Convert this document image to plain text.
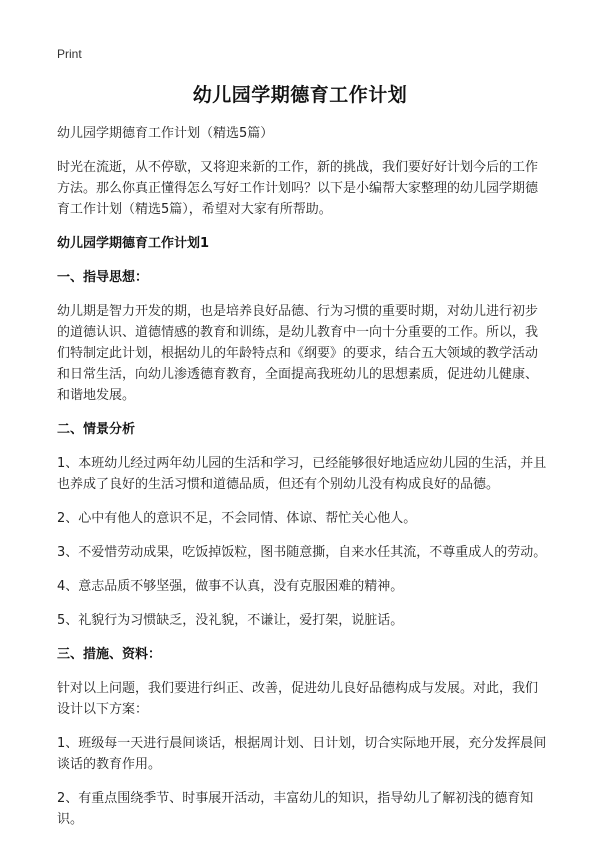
Print
幼儿园学期德育工作计划

幼儿园学期德育工作计划（精选5篇）

时光在流逝，从不停歇，又将迎来新的工作，新的挑战，我们要好好计划今后的工作方法。那么你真正懂得怎么写好工作计划吗？以下是小编帮大家整理的幼儿园学期德育工作计划（精选5篇），希望对大家有所帮助。

幼儿园学期德育工作计划1

一、指导思想：

幼儿期是智力开发的期，也是培养良好品德、行为习惯的重要时期，对幼儿进行初步的道德认识、道德情感的教育和训练，是幼儿教育中一向十分重要的工作。所以，我们特制定此计划，根据幼儿的年龄特点和《纲要》的要求，结合五大领域的教学活动和日常生活，向幼儿渗透德育教育，全面提高我班幼儿的思想素质，促进幼儿健康、和谐地发展。

二、情景分析

1、本班幼儿经过两年幼儿园的生活和学习，已经能够很好地适应幼儿园的生活，并且也养成了良好的生活习惯和道德品质，但还有个别幼儿没有构成良好的品德。

2、心中有他人的意识不足，不会同情、体谅、帮忙关心他人。

3、不爱惜劳动成果，吃饭掉饭粒，图书随意撕，自来水任其流，不尊重成人的劳动。

4、意志品质不够坚强，做事不认真，没有克服困难的精神。

5、礼貌行为习惯缺乏，没礼貌，不谦让，爱打架，说脏话。

三、措施、资料：

针对以上问题，我们要进行纠正、改善，促进幼儿良好品德构成与发展。对此，我们设计以下方案：

1、班级每一天进行晨间谈话，根据周计划、日计划，切合实际地开展，充分发挥晨间谈话的教育作用。

2、有重点围绕季节、时事展开活动，丰富幼儿的知识，指导幼儿了解初浅的德育知识。
